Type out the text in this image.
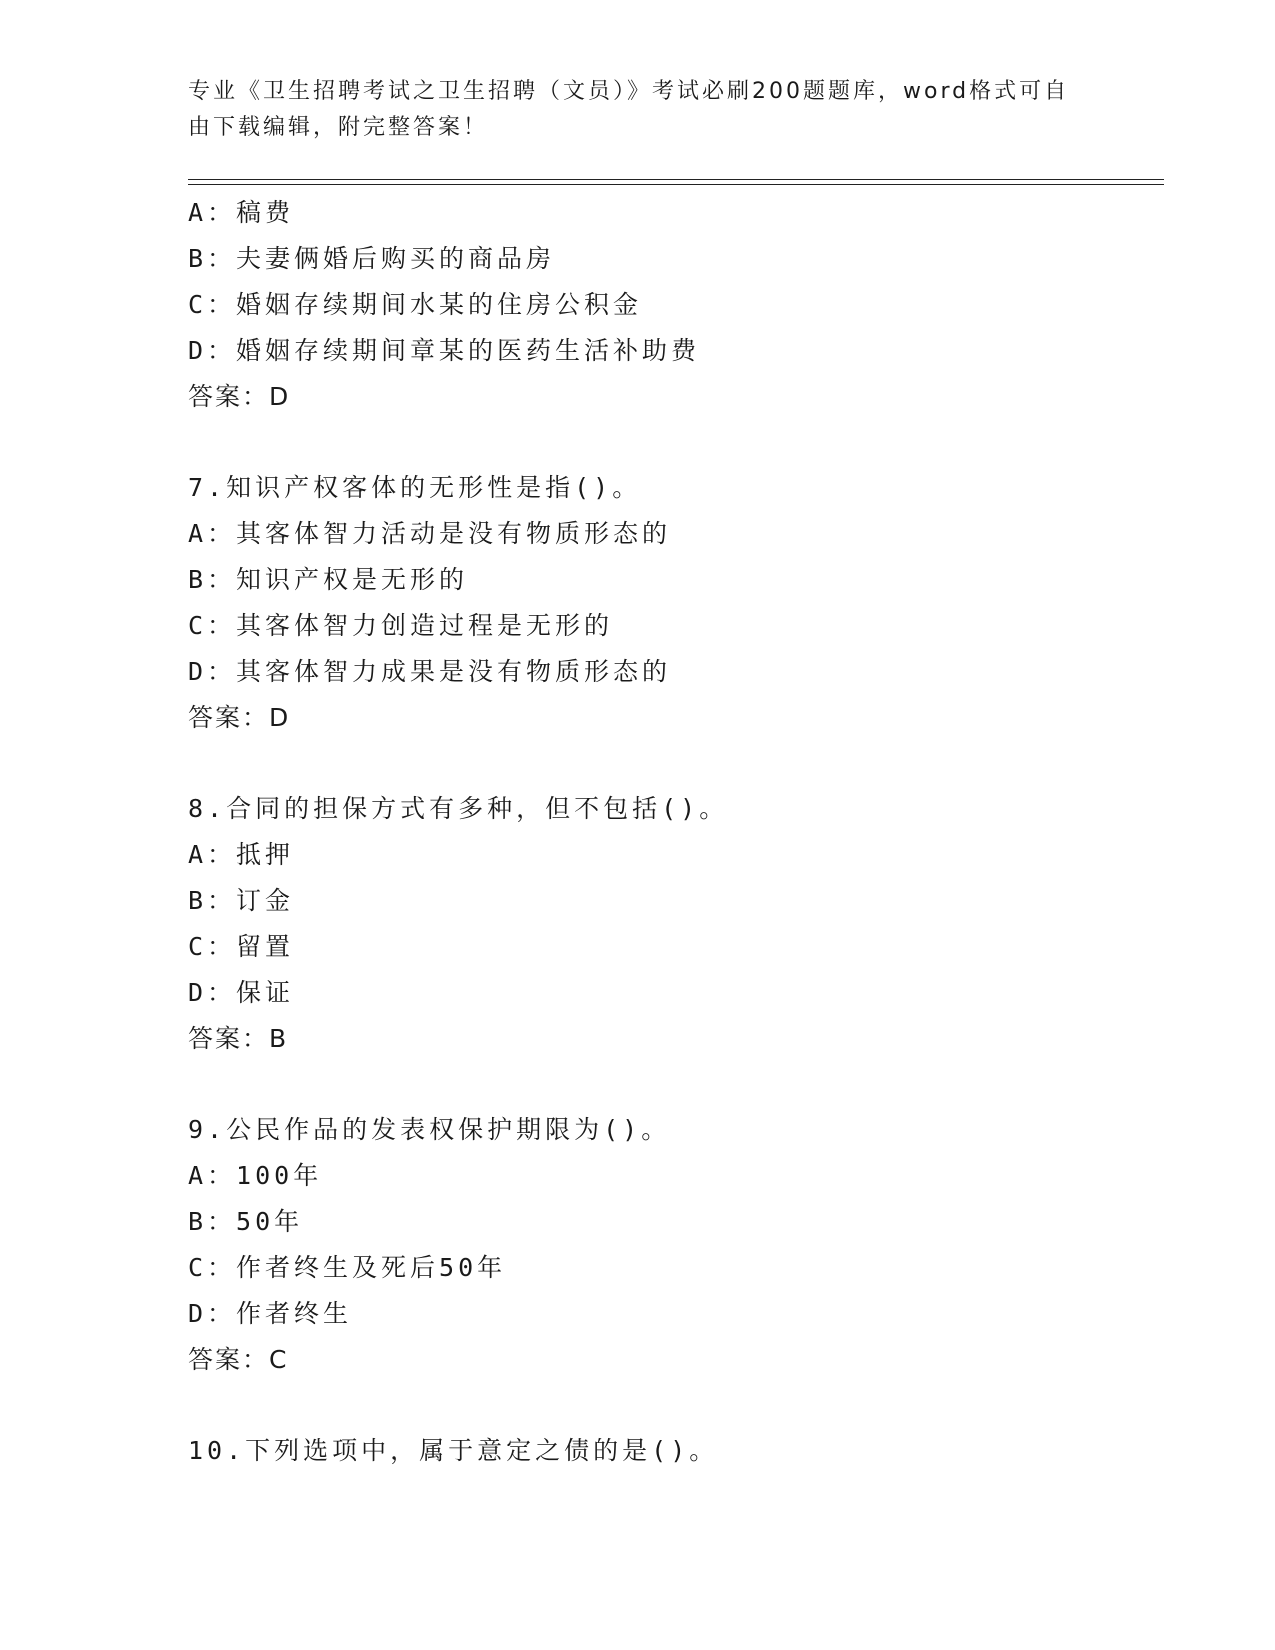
专业《卫生招聘考试之卫生招聘（文员）》考试必刷200题题库，word格式可自
由下载编辑，附完整答案！
A：稿费
B：夫妻俩婚后购买的商品房
C：婚姻存续期间水某的住房公积金
D：婚姻存续期间章某的医药生活补助费
答案：D
7.知识产权客体的无形性是指()。
A：其客体智力活动是没有物质形态的
B：知识产权是无形的
C：其客体智力创造过程是无形的
D：其客体智力成果是没有物质形态的
答案：D
8.合同的担保方式有多种，但不包括()。
A：抵押
B：订金
C：留置
D：保证
答案：B
9.公民作品的发表权保护期限为()。
A：100年
B：50年
C：作者终生及死后50年
D：作者终生
答案：C
10.下列选项中，属于意定之债的是()。
